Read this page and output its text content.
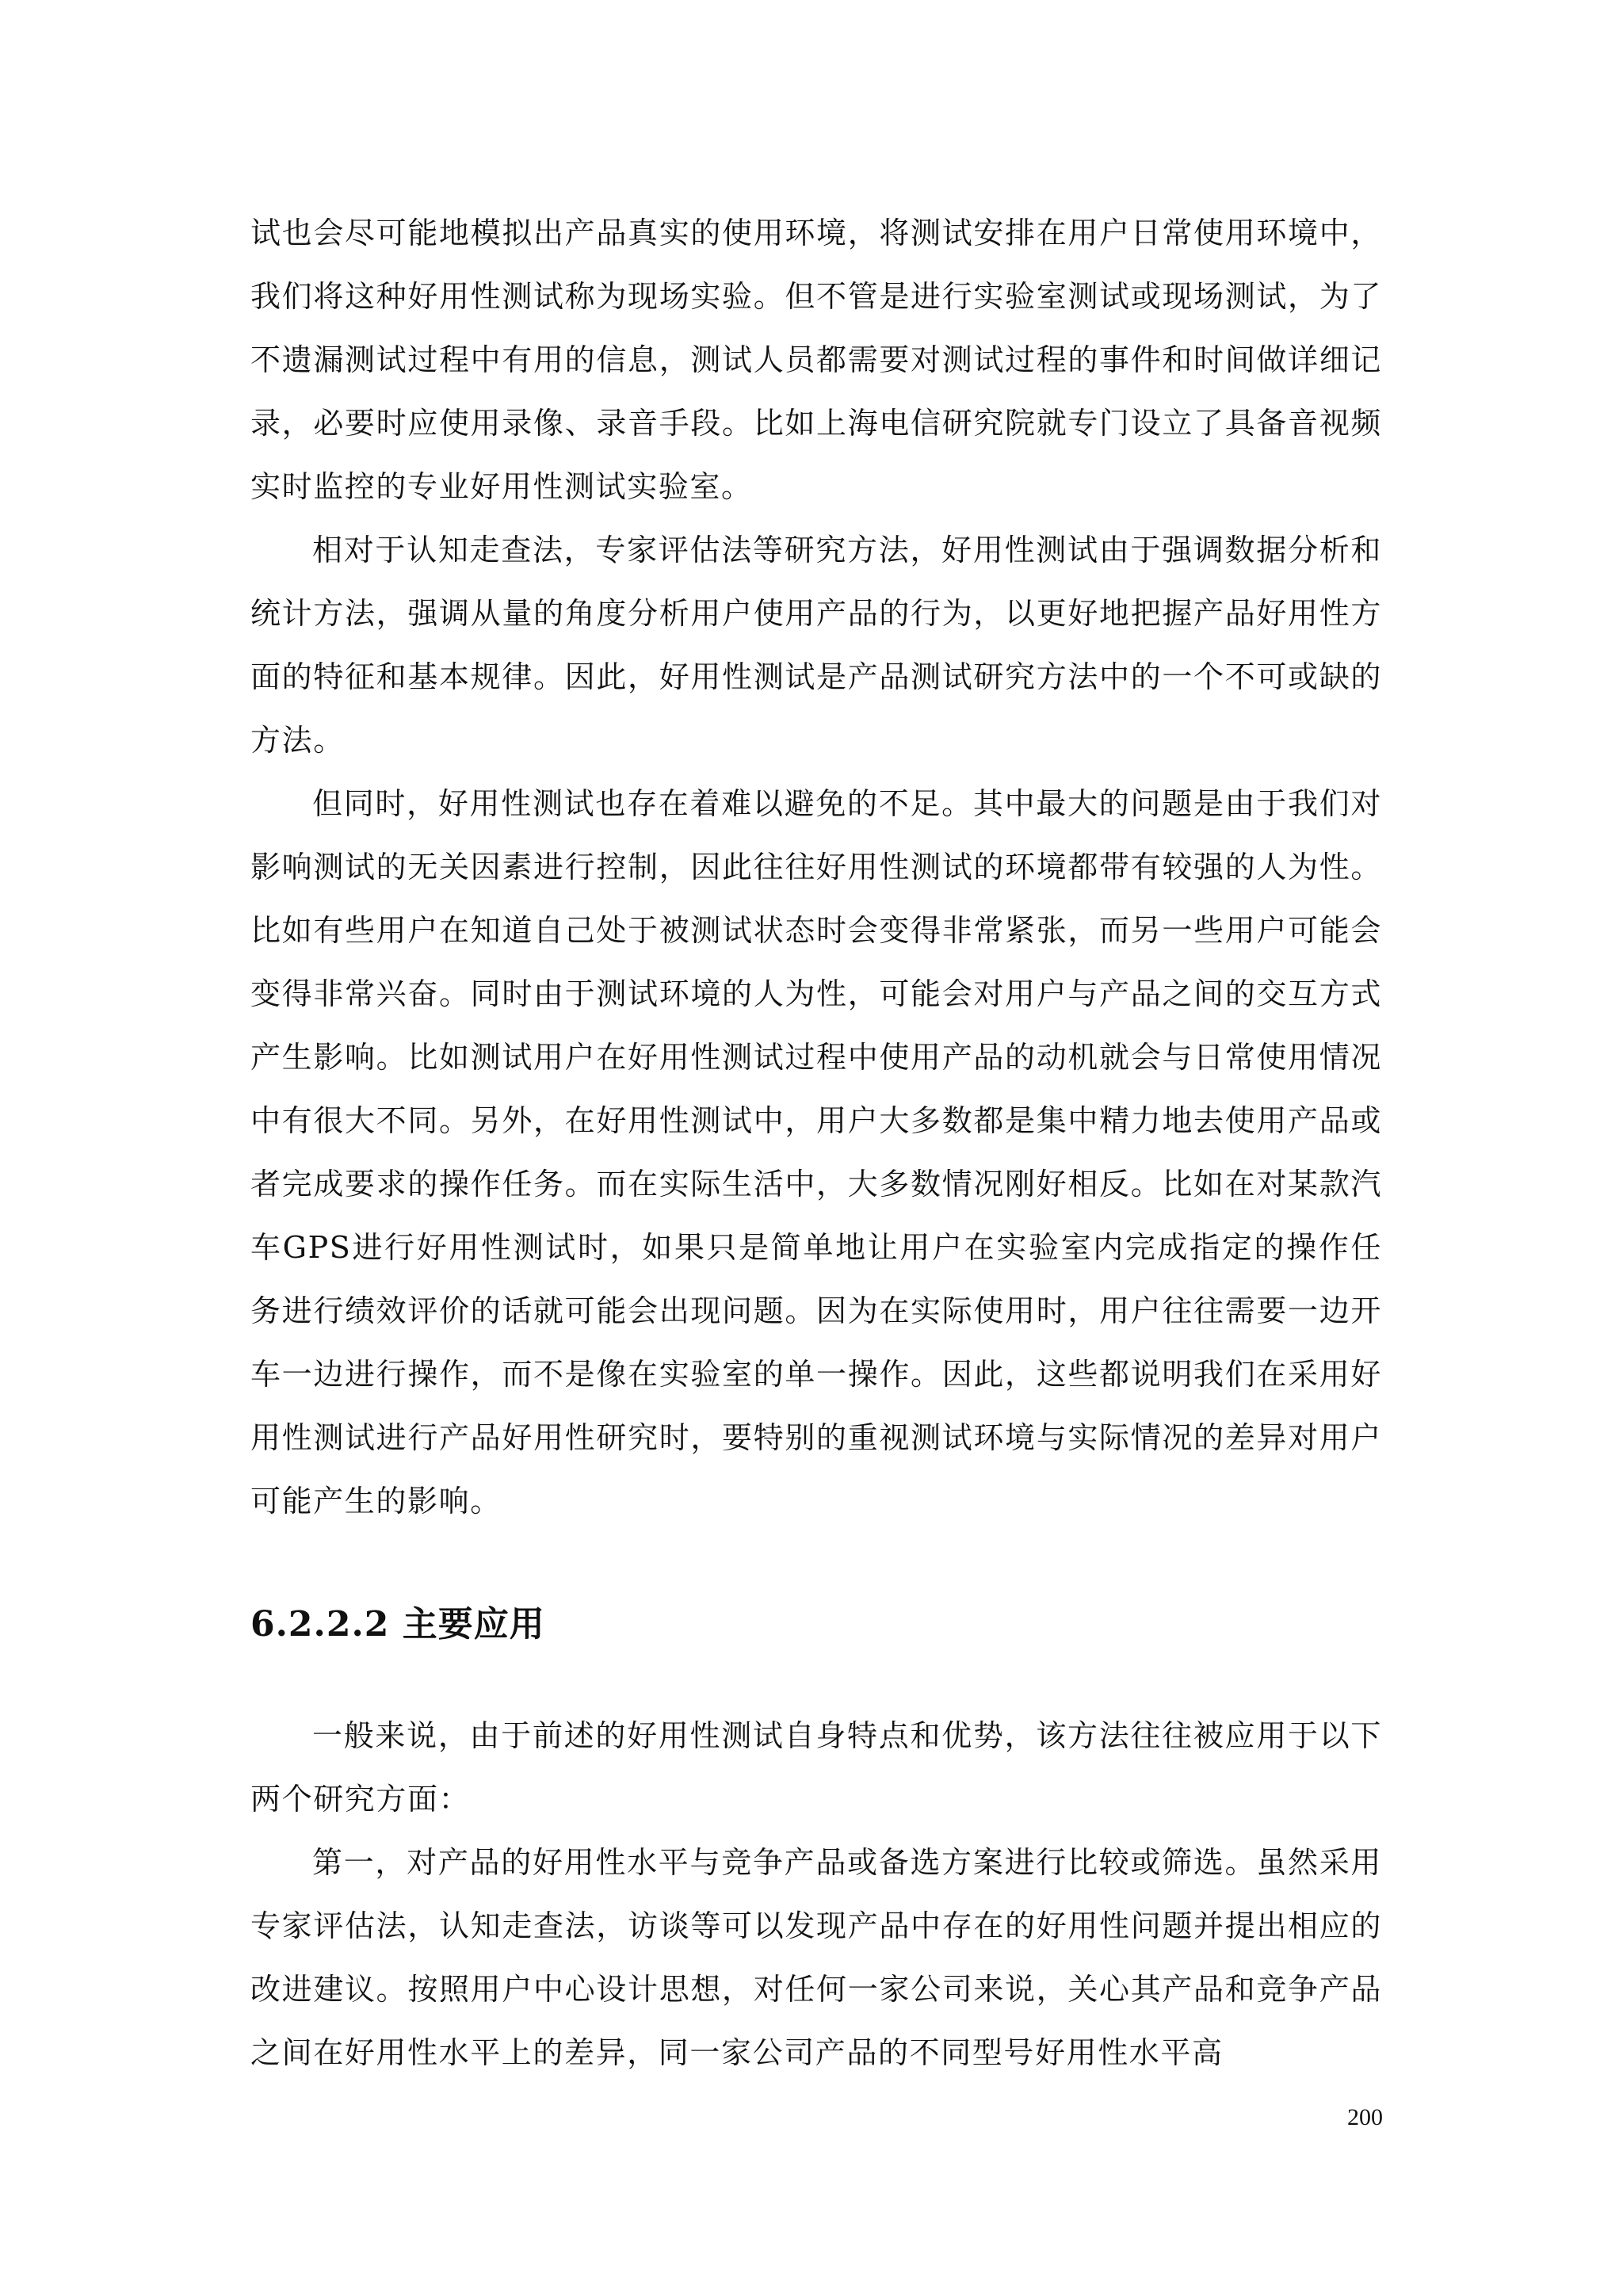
试也会尽可能地模拟出产品真实的使用环境，将测试安排在用户日常使用环境中，我们将这种好用性测试称为现场实验。但不管是进行实验室测试或现场测试，为了不遗漏测试过程中有用的信息，测试人员都需要对测试过程的事件和时间做详细记录，必要时应使用录像、录音手段。比如上海电信研究院就专门设立了具备音视频实时监控的专业好用性测试实验室。

相对于认知走查法，专家评估法等研究方法，好用性测试由于强调数据分析和统计方法，强调从量的角度分析用户使用产品的行为，以更好地把握产品好用性方面的特征和基本规律。因此，好用性测试是产品测试研究方法中的一个不可或缺的方法。

但同时，好用性测试也存在着难以避免的不足。其中最大的问题是由于我们对影响测试的无关因素进行控制，因此往往好用性测试的环境都带有较强的人为性。比如有些用户在知道自己处于被测试状态时会变得非常紧张，而另一些用户可能会变得非常兴奋。同时由于测试环境的人为性，可能会对用户与产品之间的交互方式产生影响。比如测试用户在好用性测试过程中使用产品的动机就会与日常使用情况中有很大不同。另外，在好用性测试中，用户大多数都是集中精力地去使用产品或者完成要求的操作任务。而在实际生活中，大多数情况刚好相反。比如在对某款汽车GPS进行好用性测试时，如果只是简单地让用户在实验室内完成指定的操作任务进行绩效评价的话就可能会出现问题。因为在实际使用时，用户往往需要一边开车一边进行操作，而不是像在实验室的单一操作。因此，这些都说明我们在采用好用性测试进行产品好用性研究时，要特别的重视测试环境与实际情况的差异对用户可能产生的影响。

6.2.2.2 主要应用

一般来说，由于前述的好用性测试自身特点和优势，该方法往往被应用于以下两个研究方面：

第一，对产品的好用性水平与竞争产品或备选方案进行比较或筛选。虽然采用专家评估法，认知走查法，访谈等可以发现产品中存在的好用性问题并提出相应的改进建议。按照用户中心设计思想，对任何一家公司来说，关心其产品和竞争产品之间在好用性水平上的差异，同一家公司产品的不同型号好用性水平高

200
